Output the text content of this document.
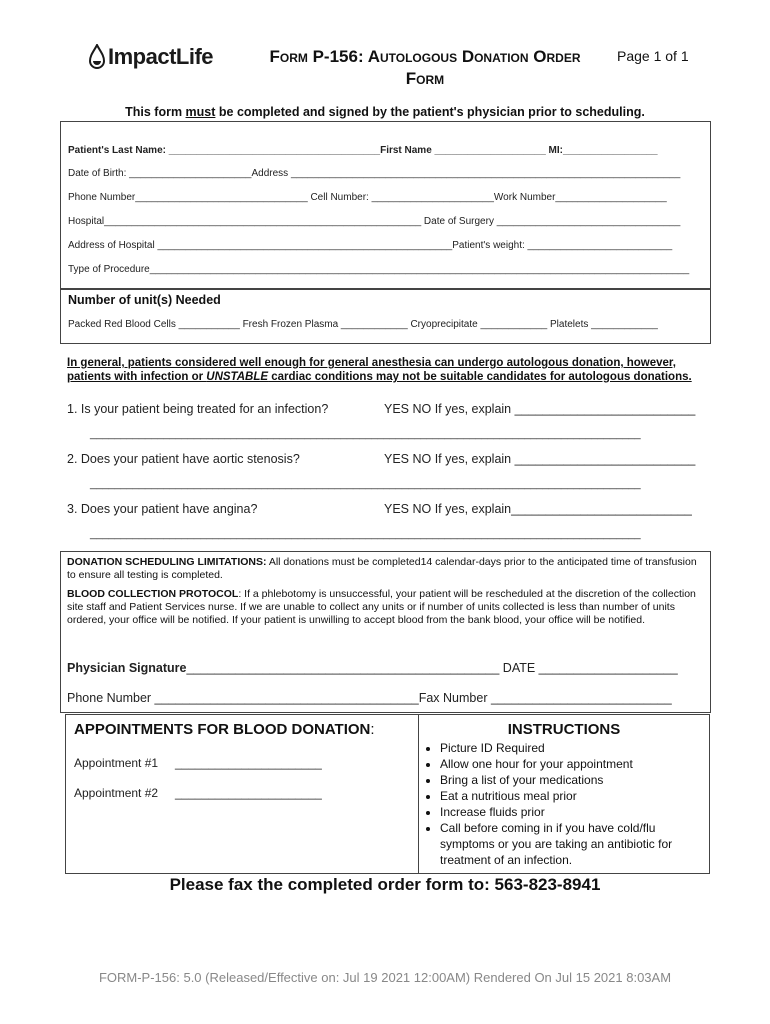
ImpactLife	Form P-156: Autologous Donation Order
Form
Page 1 of 1
This form must be completed and signed by the patient's physician prior to scheduling.
Patient's Last Name: ______________________________________First Name ____________________ MI:_________________
Date of Birth: ______________________Address ______________________________________________________________________
Phone Number_______________________________ Cell Number: ______________________Work Number____________________
Hospital_________________________________________________________ Date of Surgery _________________________________
Address of Hospital _____________________________________________________Patient's weight: __________________________
Type of Procedure_________________________________________________________________________________________________
Number of unit(s) Needed
Packed Red Blood Cells ___________ Fresh Frozen Plasma ____________ Cryoprecipitate ____________ Platelets ____________
In general, patients considered well enough for general anesthesia can undergo autologous donation, however,
patients with infection or UNSTABLE cardiac conditions may not be suitable candidates for autologous donations.
1. Is your patient being treated for an infection?	YES NO If yes, explain __________________________
__________________________________________________________________________________________
2. Does your patient have aortic stenosis?	YES NO If yes, explain __________________________
__________________________________________________________________________________________
3. Does your patient have angina?	YES NO If yes, explain__________________________
__________________________________________________________________________________________
DONATION SCHEDULING LIMITATIONS: All donations must be completed14 calendar-days prior to the anticipated time of transfusion to ensure all testing is completed.
BLOOD COLLECTION PROTOCOL: If a phlebotomy is unsuccessful, your patient will be rescheduled at the discretion of the collection site staff and Patient Services nurse. If we are unable to collect any units or if number of units collected is less than number of units ordered, your office will be notified. If your patient is unwilling to accept blood from the bank blood, your office will be notified.
Physician Signature_____________________________________________ DATE ____________________
Phone Number ______________________________________Fax Number __________________________
APPOINTMENTS FOR BLOOD DONATION:
Appointment #1 ______________________
Appointment #2 ______________________
INSTRUCTIONS
• Picture ID Required
• Allow one hour for your appointment
• Bring a list of your medications
• Eat a nutritious meal prior
• Increase fluids prior
• Call before coming in if you have cold/flu symptoms or you are taking an antibiotic for treatment of an infection.
Please fax the completed order form to: 563-823-8941
FORM-P-156: 5.0 (Released/Effective on: Jul 19 2021 12:00AM) Rendered On Jul 15 2021 8:03AM
